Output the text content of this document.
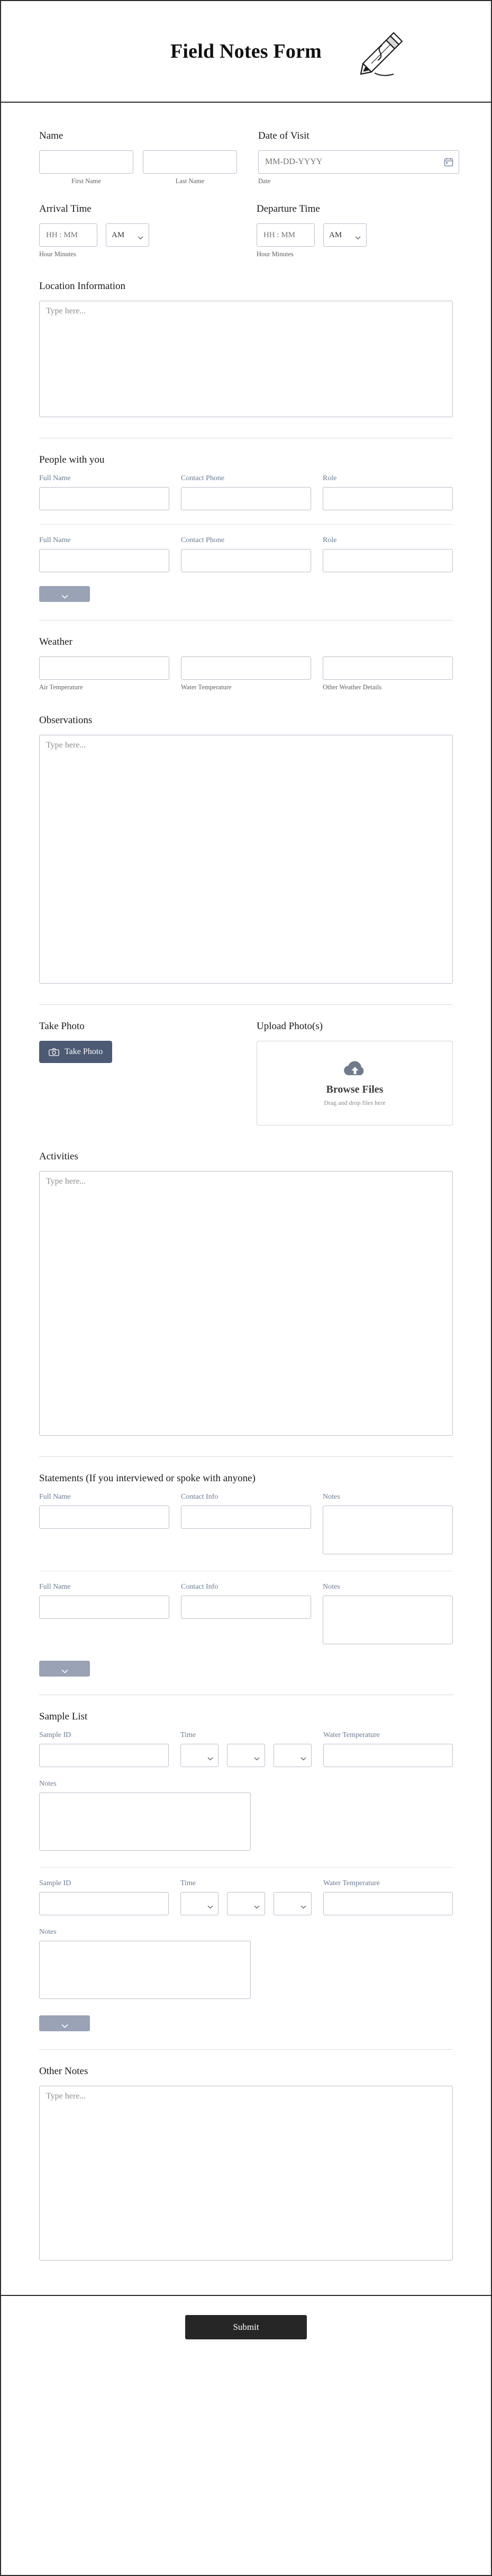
Field Notes Form
Name
First Name	Last Name
Date of Visit
MM-DD-YYYY
Date
Arrival Time
HH : MM
AM
Hour Minutes
Departure Time
HH : MM
AM
Hour Minutes
Location Information
Type here...
People with you
Full Name	Contact Phone	Role
Full Name	Contact Phone	Role
Weather
Air Temperature	Water Temperature	Other Weather Details
Observations
Type here...
Take Photo
Take Photo
Upload Photo(s)
Browse Files
Drag and drop files here
Activities
Type here...
Statements (If you interviewed or spoke with anyone)
Full Name	Contact Info	Notes
Full Name	Contact Info	Notes
Sample List
Sample ID	Time	Water Temperature
Notes
Sample ID	Time	Water Temperature
Notes
Other Notes
Type here...
Submit
